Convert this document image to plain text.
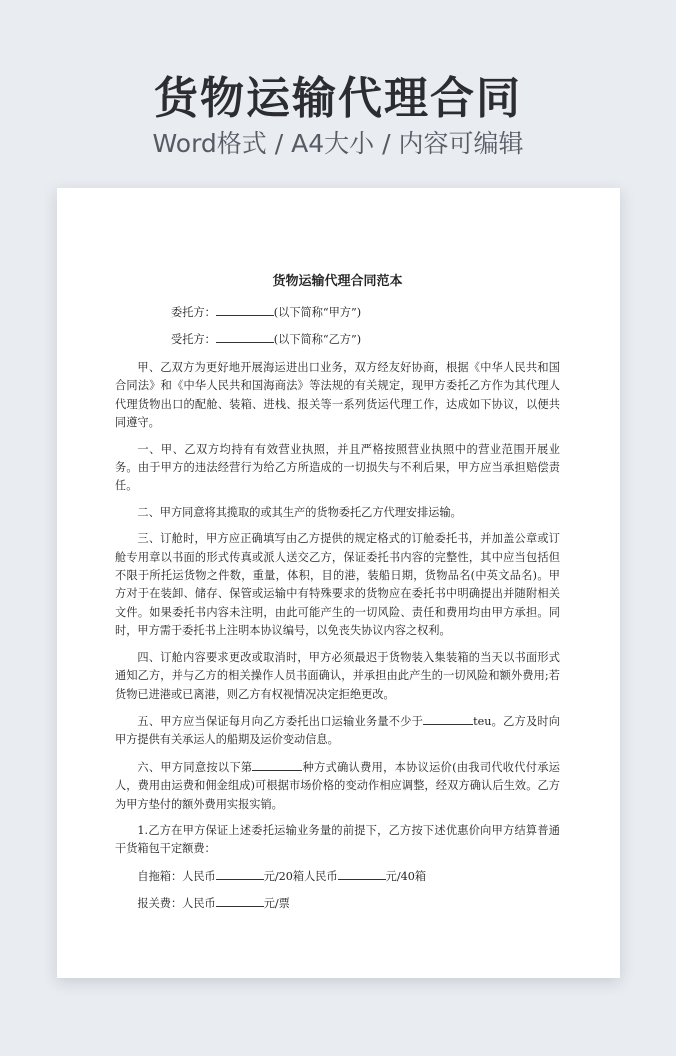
货物运输代理合同

Word格式 / A4大小 / 内容可编辑

货物运输代理合同范本

委托方：	(以下简称“甲方”)

受托方：	(以下简称“乙方”)

甲、乙双方为更好地开展海运进出口业务，双方经友好协商，根据《中华人民共和国合同法》和《中华人民共和国海商法》等法规的有关规定，现甲方委托乙方作为其代理人代理货物出口的配舱、装箱、进栈、报关等一系列货运代理工作，达成如下协议，以便共同遵守。

一、甲、乙双方均持有有效营业执照，并且严格按照营业执照中的营业范围开展业务。由于甲方的违法经营行为给乙方所造成的一切损失与不利后果，甲方应当承担赔偿责任。

二、甲方同意将其揽取的或其生产的货物委托乙方代理安排运输。

三、订舱时，甲方应正确填写由乙方提供的规定格式的订舱委托书，并加盖公章或订舱专用章以书面的形式传真或派人送交乙方，保证委托书内容的完整性，其中应当包括但不限于所托运货物之件数，重量，体积，目的港，装船日期，货物品名(中英文品名)。甲方对于在装卸、储存、保管或运输中有特殊要求的货物应在委托书中明确提出并随附相关文件。如果委托书内容未注明，由此可能产生的一切风险、责任和费用均由甲方承担。同时，甲方需于委托书上注明本协议编号，以免丧失协议内容之权利。

四、订舱内容要求更改或取消时，甲方必须最迟于货物装入集装箱的当天以书面形式通知乙方，并与乙方的相关操作人员书面确认，并承担由此产生的一切风险和额外费用;若货物已进港或已离港，则乙方有权视情况决定拒绝更改。

五、甲方应当保证每月向乙方委托出口运输业务量不少于	teu。乙方及时向甲方提供有关承运人的船期及运价变动信息。

六、甲方同意按以下第	种方式确认费用，本协议运价(由我司代收代付承运人，费用由运费和佣金组成)可根据市场价格的变动作相应调整，经双方确认后生效。乙方为甲方垫付的额外费用实报实销。

1.乙方在甲方保证上述委托运输业务量的前提下，乙方按下述优惠价向甲方结算普通干货箱包干定额费：

自拖箱：人民币	元/20箱人民币	元/40箱

报关费：人民币	元/票
